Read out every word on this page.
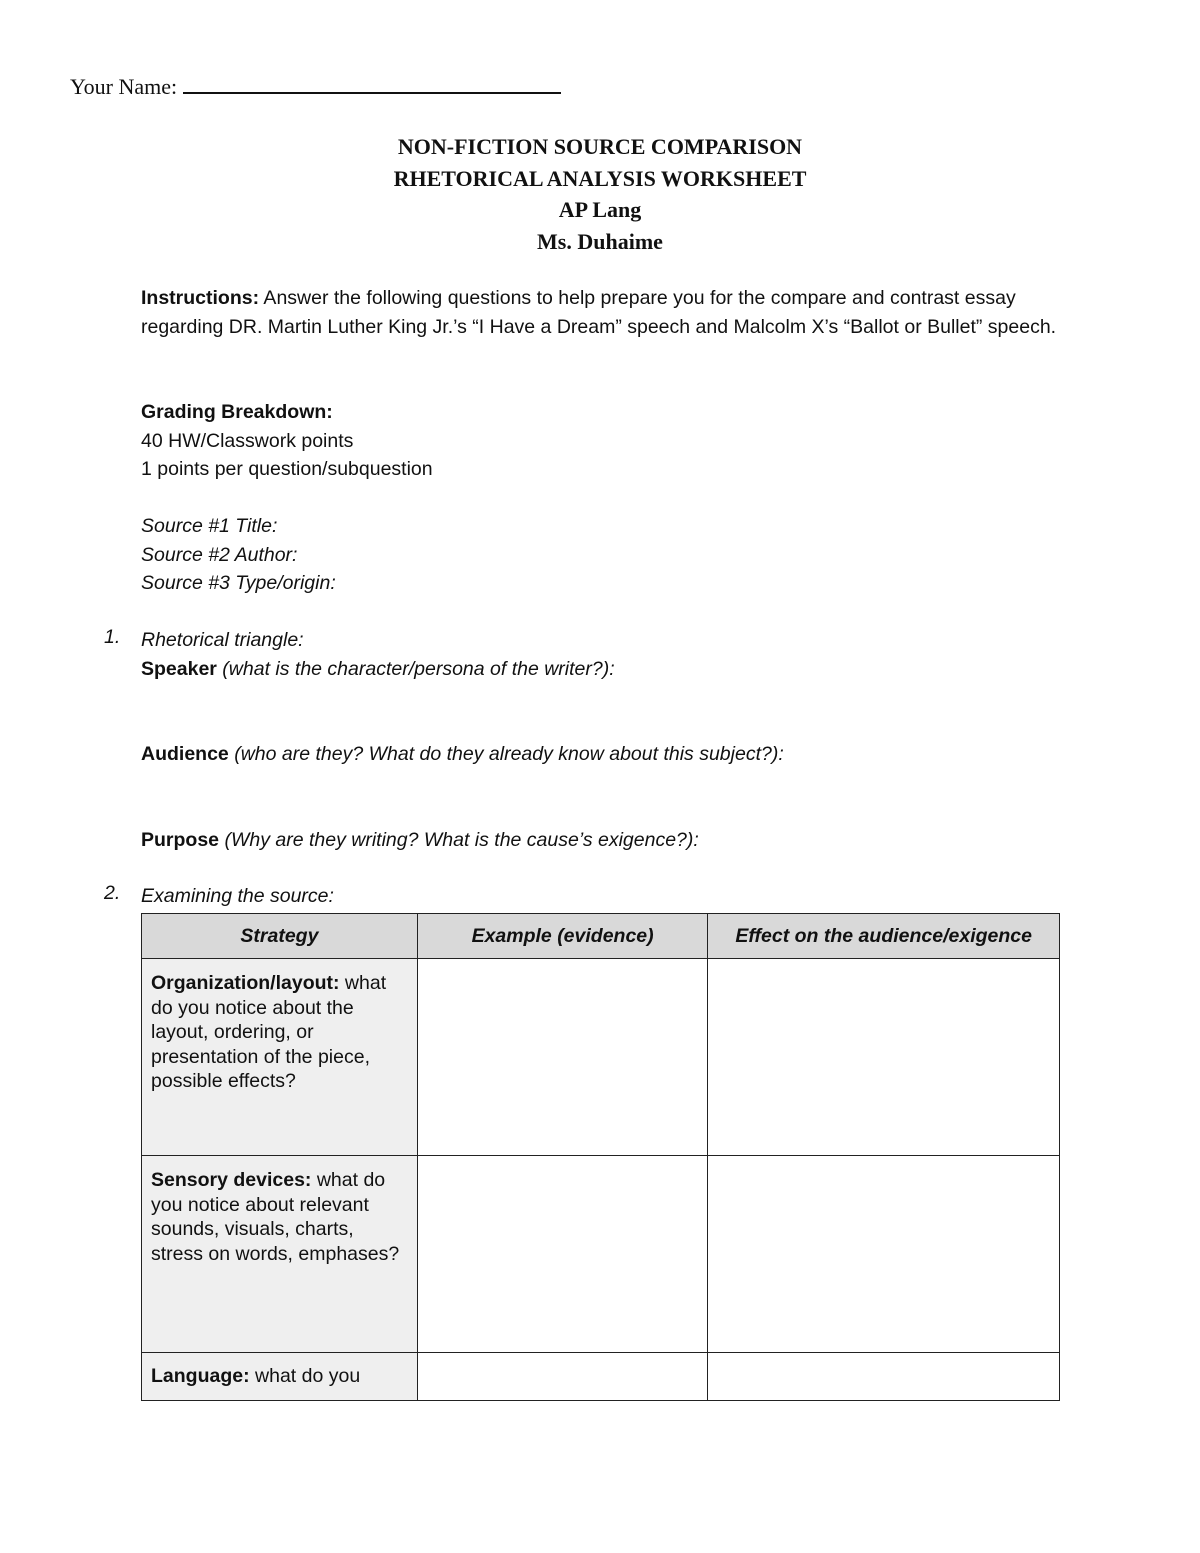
Your Name:
NON-FICTION SOURCE COMPARISON
RHETORICAL ANALYSIS WORKSHEET
AP Lang
Ms. Duhaime
Instructions: Answer the following questions to help prepare you for the compare and contrast essay regarding DR. Martin Luther King Jr.’s “I Have a Dream” speech and Malcolm X’s “Ballot or Bullet” speech.
Grading Breakdown:
40 HW/Classwork points
1 points per question/subquestion
Source #1 Title:
Source #2 Author:
Source #3 Type/origin:
1. Rhetorical triangle:
Speaker (what is the character/persona of the writer?):
Audience (who are they? What do they already know about this subject?):
Purpose (Why are they writing? What is the cause’s exigence?):
2. Examining the source:
Strategy	Example (evidence)	Effect on the audience/exigence
Organization/layout: what do you notice about the layout, ordering, or presentation of the piece, possible effects?		
Sensory devices: what do you notice about relevant sounds, visuals, charts, stress on words, emphases?		
Language: what do you		
